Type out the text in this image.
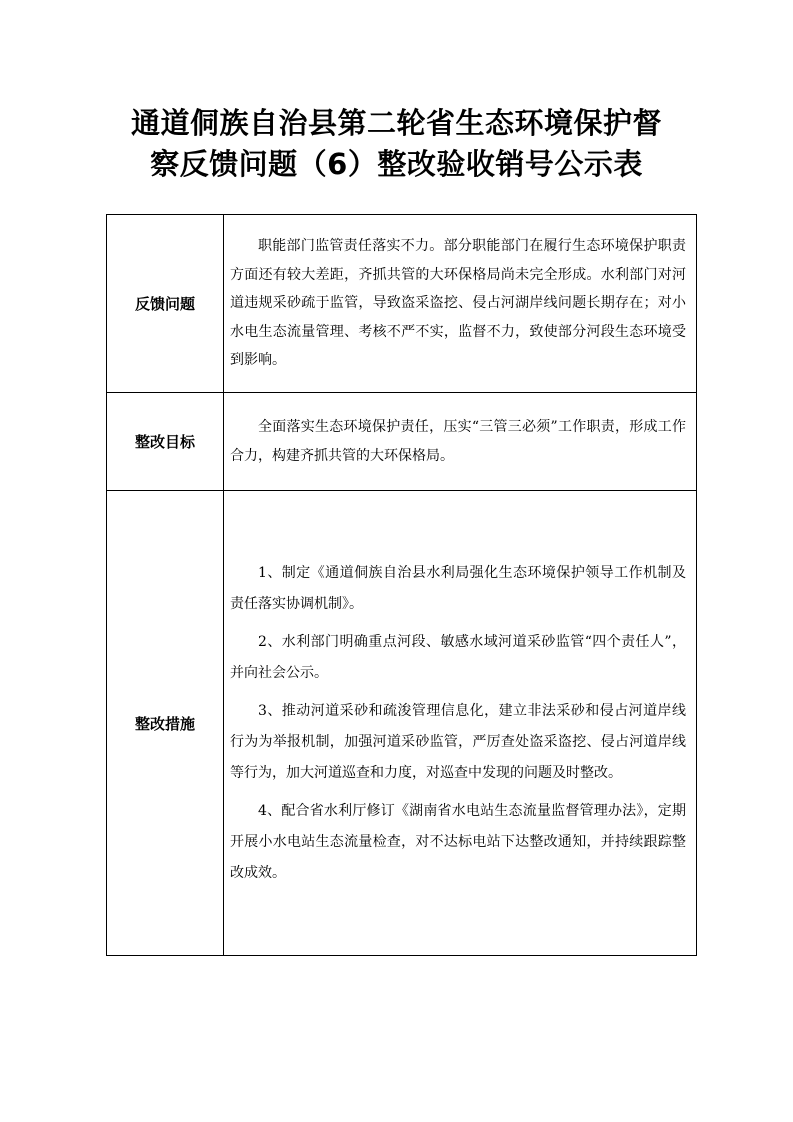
通道侗族自治县第二轮省生态环境保护督
察反馈问题（6）整改验收销号公示表
反馈问题	职能部门监管责任落实不力。部分职能部门在履行生态环境保护职责方面还有较大差距，齐抓共管的大环保格局尚未完全形成。水利部门对河道违规采砂疏于监管，导致盗采盗挖、侵占河湖岸线问题长期存在；对小水电生态流量管理、考核不严不实，监督不力，致使部分河段生态环境受到影响。

整改目标	全面落实生态环境保护责任，压实“三管三必须”工作职责，形成工作合力，构建齐抓共管的大环保格局。

整改措施	1、制定《通道侗族自治县水利局强化生态环境保护领导工作机制及责任落实协调机制》。

2、水利部门明确重点河段、敏感水域河道采砂监管“四个责任人”，并向社会公示。

3、推动河道采砂和疏浚管理信息化，建立非法采砂和侵占河道岸线行为为举报机制，加强河道采砂监管，严厉查处盗采盗挖、侵占河道岸线等行为，加大河道巡查和力度，对巡查中发现的问题及时整改。

4、配合省水利厅修订《湖南省水电站生态流量监督管理办法》，定期开展小水电站生态流量检查，对不达标电站下达整改通知，并持续跟踪整改成效。
